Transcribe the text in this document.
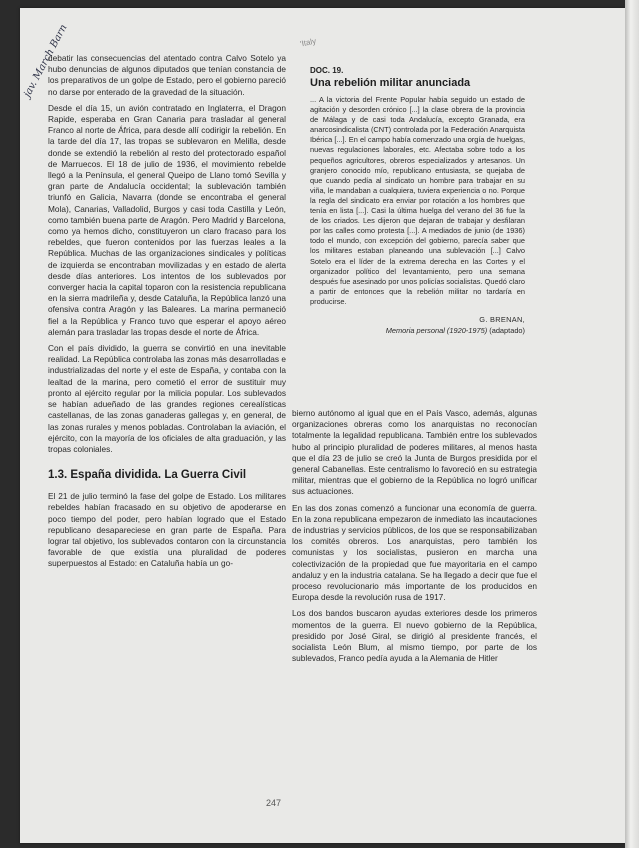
'Italy
jav. March Barn

debatir las consecuencias del atentado contra Calvo Sotelo ya hubo denuncias de algunos diputados que tenían constancia de los preparativos de un golpe de Estado, pero el gobierno pareció no darse por enterado de la gravedad de la situación.

Desde el día 15, un avión contratado en Inglaterra, el Dragon Rapide, esperaba en Gran Canaria para trasladar al general Franco al norte de África, para desde allí codirigir la rebelión. En la tarde del día 17, las tropas se sublevaron en Melilla, desde donde se extendió la rebelión al resto del protectorado español de Marruecos. El 18 de julio de 1936, el movimiento rebelde llegó a la Península, el general Queipo de Llano tomó Sevilla y gran parte de Andalucía occidental; la sublevación también triunfó en Galicia, Navarra (donde se encontraba el general Mola), Canarias, Valladolid, Burgos y casi toda Castilla y León, como también buena parte de Aragón. Pero Madrid y Barcelona, como ya hemos dicho, constituyeron un claro fracaso para los rebeldes, que fueron contenidos por las fuerzas leales a la República. Muchas de las organizaciones sindicales y políticas de izquierda se encontraban movilizadas y en estado de alerta desde días anteriores. Los intentos de los sublevados por converger hacia la capital toparon con la resistencia republicana en la sierra madrileña y, desde Cataluña, la República lanzó una ofensiva contra Aragón y las Baleares. La marina permaneció fiel a la República y Franco tuvo que esperar el apoyo aéreo alemán para trasladar las tropas desde el norte de África.

Con el país dividido, la guerra se convirtió en una inevitable realidad. La República controlaba las zonas más desarrolladas e industrializadas del norte y el este de España, y contaba con la lealtad de la marina, pero cometió el error de sustituir muy pronto al ejército regular por la milicia popular. Los sublevados se habían adueñado de las grandes regiones cerealísticas castellanas, de las zonas ganaderas gallegas y, en general, de las zonas rurales y menos pobladas. Controlaban la aviación, el ejército, con la mayoría de los oficiales de alta graduación, y las tropas coloniales.

1.3. España dividida. La Guerra Civil

El 21 de julio terminó la fase del golpe de Estado. Los militares rebeldes habían fracasado en su objetivo de apoderarse en poco tiempo del poder, pero habían logrado que el Estado republicano desapareciese en gran parte de España. Para lograr tal objetivo, los sublevados contaron con la circunstancia favorable de que existía una pluralidad de poderes superpuestos al Estado: en Cataluña había un go-

DOC. 19.
Una rebelión militar anunciada

... A la victoria del Frente Popular había seguido un estado de agitación y desorden crónico [...] la clase obrera de la provincia de Málaga y de casi toda Andalucía, excepto Granada, era anarcosindicalista (CNT) controlada por la Federación Anarquista Ibérica [...]. En el campo había comenzado una orgía de huelgas, nuevas regulaciones laborales, etc. Afectaba sobre todo a los pequeños agricultores, obreros especializados y artesanos. Un granjero conocido mío, republicano entusiasta, se quejaba de que cuando pedía al sindicato un hombre para trabajar en su viña, le mandaban a cualquiera, tuviera experiencia o no. Porque la regla del sindicato era enviar por rotación a los hombres que tenía en lista [...]. Casi la última huelga del verano del 36 fue la de los criados. Les dijeron que dejaran de trabajar y desfilaran por las calles como protesta [...]. A mediados de junio (de 1936) todo el mundo, con excepción del gobierno, parecía saber que los militares estaban planeando una sublevación [...] Calvo Sotelo era el líder de la extrema derecha en las Cortes y el organizador político del levantamiento, pero una semana después fue asesinado por unos policías socialistas. Quedó claro a partir de entonces que la rebelión militar no tardaría en producirse.

G. BRENAN,
Memoria personal (1920-1975) (adaptado)

bierno autónomo al igual que en el País Vasco, además, algunas organizaciones obreras como los anarquistas no reconocían totalmente la legalidad republicana. También entre los sublevados hubo al principio pluralidad de poderes militares, al menos hasta que el día 23 de julio se creó la Junta de Burgos presidida por el general Cabanellas. Este centralismo lo favoreció en su estrategia militar, mientras que el gobierno de la República no logró unificar sus actuaciones.

En las dos zonas comenzó a funcionar una economía de guerra. En la zona republicana empezaron de inmediato las incautaciones de industrias y servicios públicos, de los que se responsabilizaban los comités obreros. Los anarquistas, pero también los comunistas y los socialistas, pusieron en marcha una colectivización de la propiedad que fue mayoritaria en el campo andaluz y en la industria catalana. Se ha llegado a decir que fue el proceso revolucionario más importante de los producidos en Europa desde la revolución rusa de 1917.

Los dos bandos buscaron ayudas exteriores desde los primeros momentos de la guerra. El nuevo gobierno de la República, presidido por José Giral, se dirigió al presidente francés, el socialista León Blum, al mismo tiempo, por parte de los sublevados, Franco pedía ayuda a la Alemania de Hitler

247
